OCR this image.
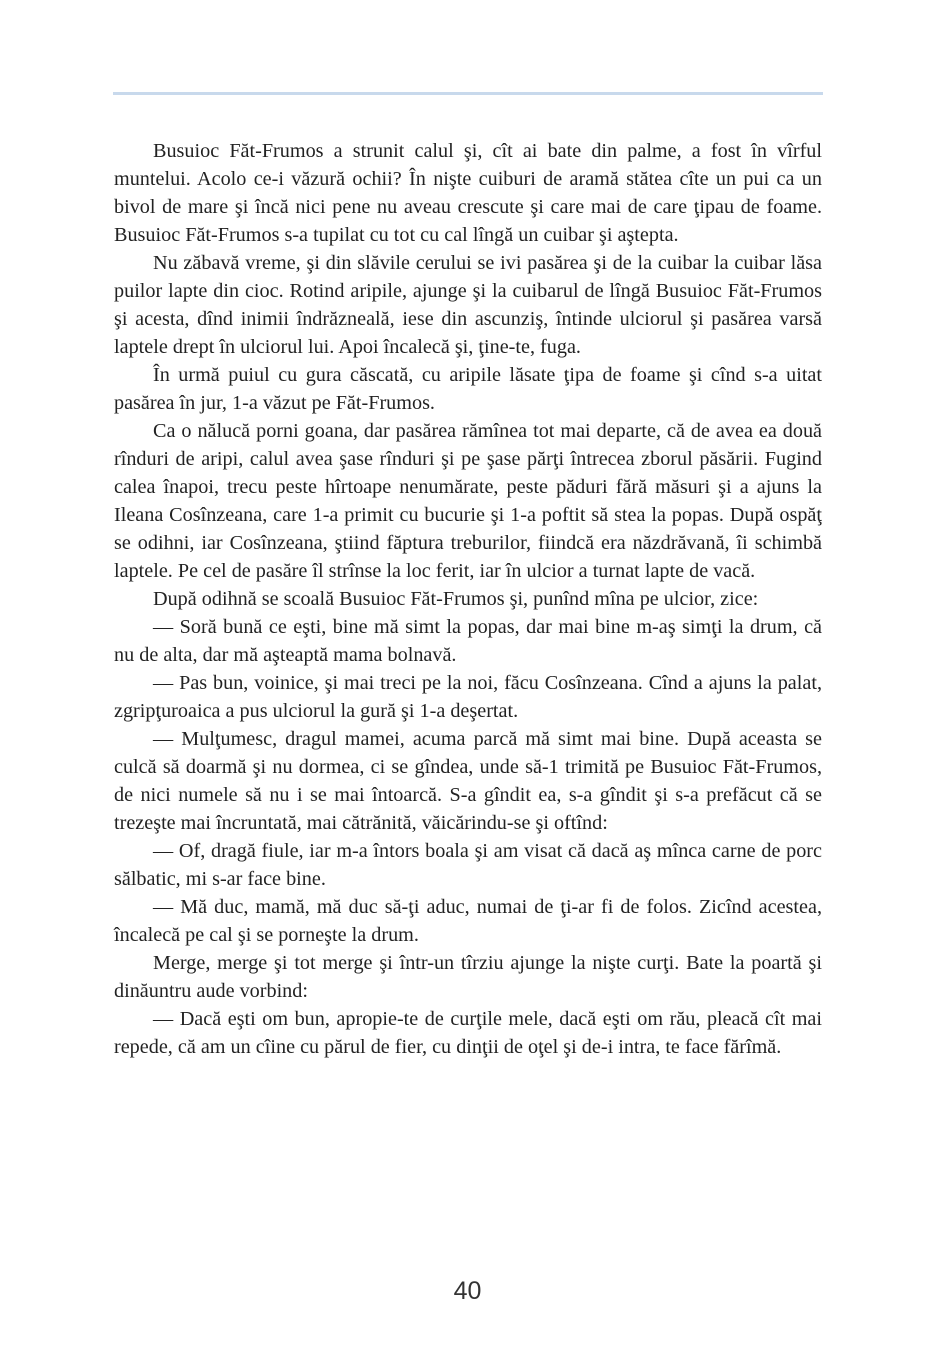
Busuioc Făt-Frumos a strunit calul şi, cît ai bate din palme, a fost în vîrful muntelui. Acolo ce-i văzură ochii? În nişte cuiburi de aramă stătea cîte un pui ca un bivol de mare şi încă nici pene nu aveau crescute şi care mai de care ţipau de foame. Busuioc Făt-Frumos s-a tupilat cu tot cu cal lîngă un cuibar şi aştepta.

Nu zăbavă vreme, şi din slăvile cerului se ivi pasărea şi de la cuibar la cuibar lăsa puilor lapte din cioc. Rotind aripile, ajunge şi la cuibarul de lîngă Busuioc Făt-Frumos şi acesta, dînd inimii îndrăzneală, iese din ascunziş, întinde ulciorul şi pasărea varsă laptele drept în ulciorul lui. Apoi încalecă şi, ţine-te, fuga.

În urmă puiul cu gura căscată, cu aripile lăsate ţipa de foame şi cînd s-a uitat pasărea în jur, 1-a văzut pe Făt-Frumos.

Ca o nălucă porni goana, dar pasărea rămînea tot mai departe, că de avea ea două rînduri de aripi, calul avea şase rînduri şi pe şase părţi întrecea zborul păsării. Fugind calea înapoi, trecu peste hîrtoape nenumărate, peste păduri fără măsuri şi a ajuns la Ileana Cosînzeana, care 1-a primit cu bucurie şi 1-a poftit să stea la popas. După ospăţ se odihni, iar Cosînzeana, ştiind făptura treburilor, fiindcă era năzdrăvană, îi schimbă laptele. Pe cel de pasăre îl strînse la loc ferit, iar în ulcior a turnat lapte de vacă.

După odihnă se scoală Busuioc Făt-Frumos şi, punînd mîna pe ulcior, zice:

— Soră bună ce eşti, bine mă simt la popas, dar mai bine m-aş simţi la drum, că nu de alta, dar mă aşteaptă mama bolnavă.

— Pas bun, voinice, şi mai treci pe la noi, făcu Cosînzeana. Cînd a ajuns la palat, zgripţuroaica a pus ulciorul la gură şi 1-a deşertat.

— Mulţumesc, dragul mamei, acuma parcă mă simt mai bine. După aceasta se culcă să doarmă şi nu dormea, ci se gîndea, unde să-1 trimită pe Busuioc Făt-Frumos, de nici numele să nu i se mai întoarcă. S-a gîndit ea, s-a gîndit şi s-a prefăcut că se trezeşte mai încruntată, mai cătrănită, văicărindu-se şi oftînd:

— Of, dragă fiule, iar m-a întors boala şi am visat că dacă aş mînca carne de porc sălbatic, mi s-ar face bine.

— Mă duc, mamă, mă duc să-ţi aduc, numai de ţi-ar fi de folos. Zicînd acestea, încalecă pe cal şi se porneşte la drum.

Merge, merge şi tot merge şi într-un tîrziu ajunge la nişte curţi. Bate la poartă şi dinăuntru aude vorbind:

— Dacă eşti om bun, apropie-te de curţile mele, dacă eşti om rău, pleacă cît mai repede, că am un cîine cu părul de fier, cu dinţii de oţel şi de-i intra, te face fărîmă.

40
